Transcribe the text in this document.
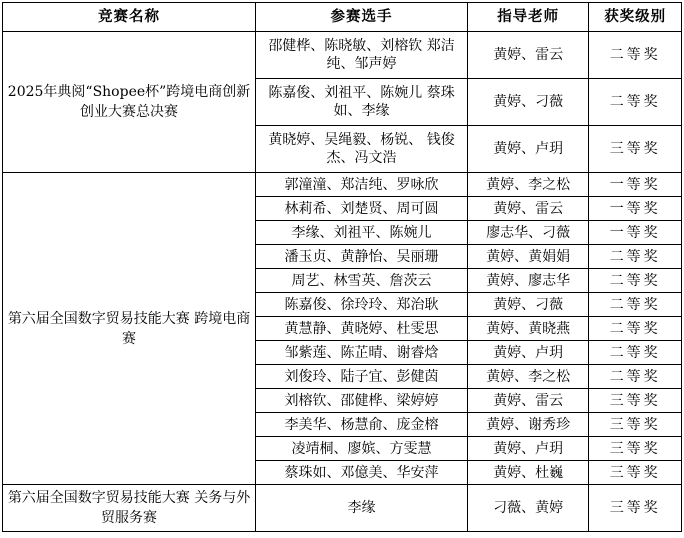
竞赛名称	参赛选手	指导老师	获奖级别
2025年典阅“Shopee杯”跨境电商创新创业大赛总决赛	邵健桦、陈晓敏、刘榕钦 郑洁纯、邹声婷	黄婷、雷云	二等奖
	陈嘉俊、刘祖平、陈婉儿 蔡珠如、李缘	黄婷、刁薇	二等奖
	黄晓婷、吴绳毅、杨锐、 钱俊杰、冯文浩	黄婷、卢玥	三等奖
第六届全国数字贸易技能大赛 跨境电商赛	郭潼潼、郑洁纯、罗咏欣	黄婷、李之松	一等奖
	林莉希、刘楚贤、周可圆	黄婷、雷云	一等奖
	李缘、刘祖平、陈婉儿	廖志华、刁薇	一等奖
	潘玉贞、黄静怡、吴丽珊	黄婷、黄娟娟	二等奖
	周艺、林雪英、詹茨云	黄婷、廖志华	二等奖
	陈嘉俊、徐玲玲、郑治耿	黄婷、刁薇	二等奖
	黄慧静、黄晓婷、杜雯思	黄婷、黄晓燕	二等奖
	邹紫莲、陈芷晴、谢睿焓	黄婷、卢玥	二等奖
	刘俊玲、陆子宜、彭健茵	黄婷、李之松	二等奖
	刘榕钦、邵健桦、梁婷婷	黄婷、雷云	三等奖
	李美华、杨慧俞、庞金榕	黄婷、谢秀珍	三等奖
	凌靖桐、廖嫔、方雯慧	黄婷、卢玥	三等奖
	蔡珠如、邓億美、华安萍	黄婷、杜巍	三等奖
第六届全国数字贸易技能大赛 关务与外贸服务赛	李缘	刁薇、黄婷	三等奖
